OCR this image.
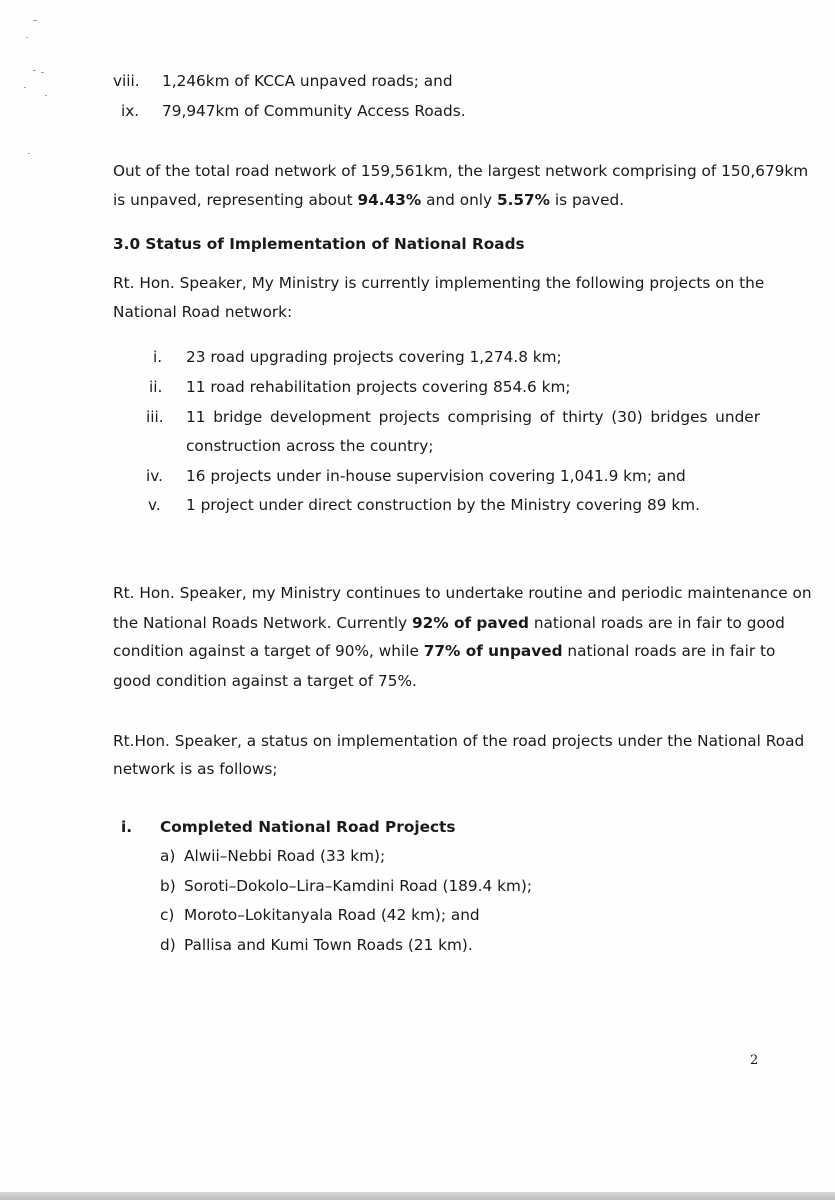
viii. 1,246km of KCCA unpaved roads; and
ix. 79,947km of Community Access Roads.
Out of the total road network of 159,561km, the largest network comprising of 150,679km
is unpaved, representing about 94.43% and only 5.57% is paved.
3.0 Status of Implementation of National Roads
Rt. Hon. Speaker, My Ministry is currently implementing the following projects on the
National Road network:
i. 23 road upgrading projects covering 1,274.8 km;
ii. 11 road rehabilitation projects covering 854.6 km;
iii. 11 bridge development projects comprising of thirty (30) bridges under
construction across the country;
iv. 16 projects under in-house supervision covering 1,041.9 km; and
v. 1 project under direct construction by the Ministry covering 89 km.
Rt. Hon. Speaker, my Ministry continues to undertake routine and periodic maintenance on
the National Roads Network. Currently 92% of paved national roads are in fair to good
condition against a target of 90%, while 77% of unpaved national roads are in fair to
good condition against a target of 75%.
Rt.Hon. Speaker, a status on implementation of the road projects under the National Road
network is as follows;
i. Completed National Road Projects
a) Alwii–Nebbi Road (33 km);
b) Soroti–Dokolo–Lira–Kamdini Road (189.4 km);
c) Moroto–Lokitanyala Road (42 km); and
d) Pallisa and Kumi Town Roads (21 km).
2
